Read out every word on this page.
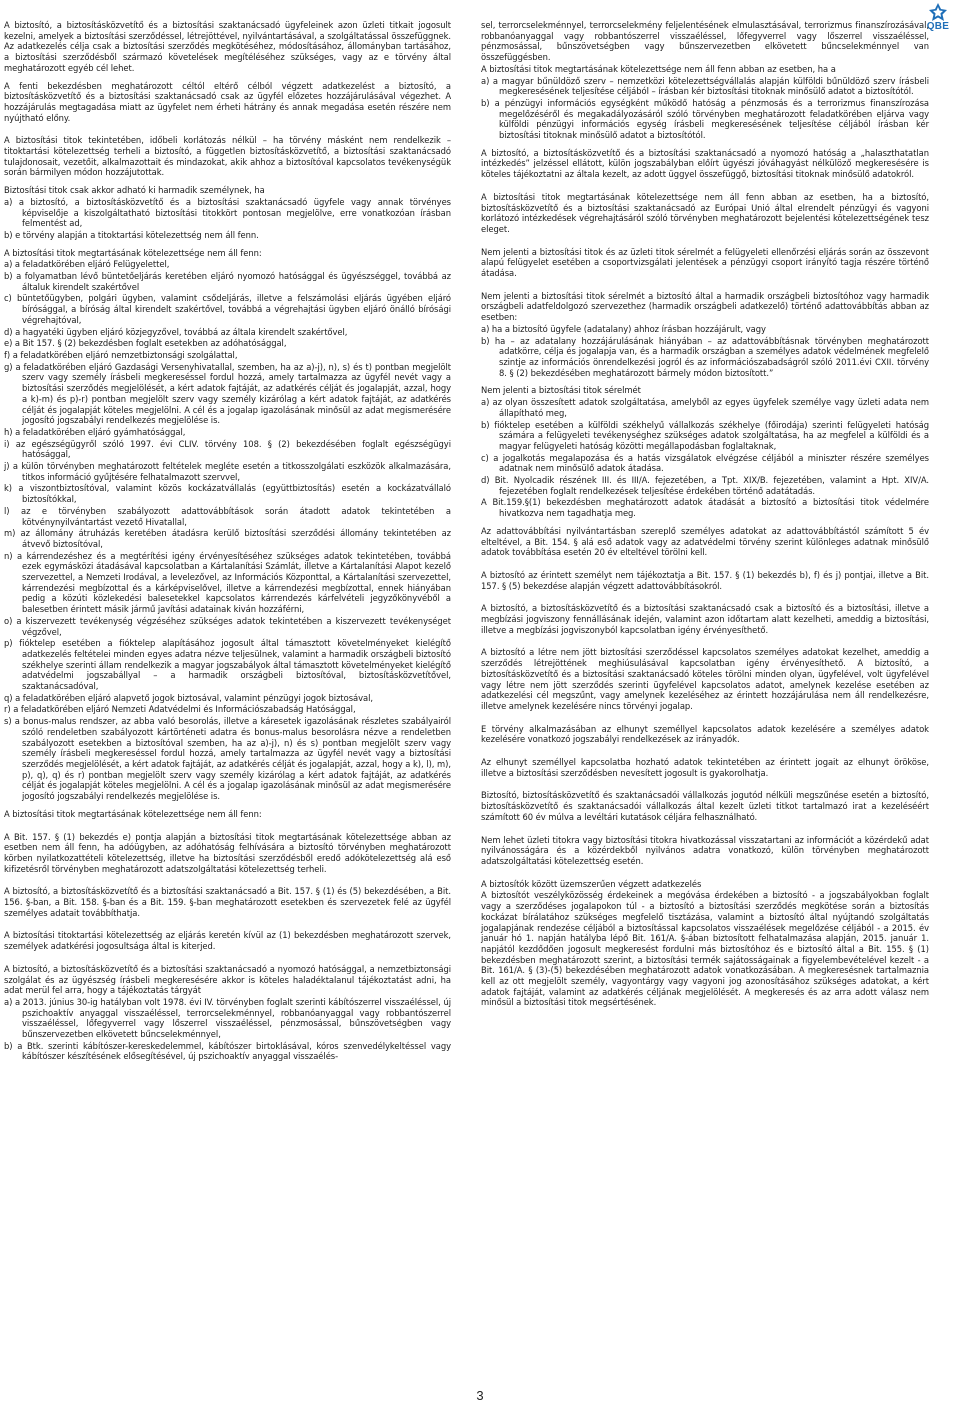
QBE

A biztosító, a biztosításközvetítő és a biztosítási szaktanácsadó ügyfeleinek azon üzleti titkait jogosult kezelni, amelyek a biztosítási szerződéssel, létrejöttével, nyilvántartásával, a szolgáltatással összefüggnek. Az adatkezelés célja csak a biztosítási szerződés megkötéséhez, módosításához, állományban tartásához, a biztosítási szerződésből származó követelések megítéléséhez szükséges, vagy az e törvény által meghatározott egyéb cél lehet.

A fenti bekezdésben meghatározott céltól eltérő célból végzett adatkezelést a biztosító, a biztosításközvetítő és a biztosítási szaktanácsadó csak az ügyfél előzetes hozzájárulásával végezhet. A hozzájárulás megtagadása miatt az ügyfelet nem érheti hátrány és annak megadása esetén részére nem nyújtható előny.

A biztosítási titok tekintetében, időbeli korlátozás nélkül – ha törvény másként nem rendelkezik – titoktartási kötelezettség terheli a biztosító, a független biztosításközvetítő, a biztosítási szaktanácsadó tulajdonosait, vezetőit, alkalmazottait és mindazokat, akik ahhoz a biztosítóval kapcsolatos tevékenységük során bármilyen módon hozzájutottak.

Biztosítási titok csak akkor adható ki harmadik személynek, ha

a) a biztosító, a biztosításközvetítő és a biztosítási szaktanácsadó ügyfele vagy annak törvényes képviselője a kiszolgáltatható biztosítási titokkört pontosan megjelölve, erre vonatkozóan írásban felmentést ad,

b) e törvény alapján a titoktartási kötelezettség nem áll fenn.

A biztosítási titok megtartásának kötelezettsége nem áll fenn:

a) a feladatkörében eljáró Felügyelettel,

b) a folyamatban lévő büntetőeljárás keretében eljáró nyomozó hatósággal és ügyészséggel, továbbá az általuk kirendelt szakértővel

c) büntetőügyben, polgári ügyben, valamint csődeljárás, illetve a felszámolási eljárás ügyében eljáró bírósággal, a bíróság által kirendelt szakértővel, továbbá a végrehajtási ügyben eljáró önálló bírósági végrehajtóval,

d) a hagyatéki ügyben eljáró közjegyzővel, továbbá az általa kirendelt szakértővel,

e) a Bit 157. § (2) bekezdésben foglalt esetekben az adóhatósággal,

f) a feladatkörében eljáró nemzetbiztonsági szolgálattal,

g) a feladatkörében eljáró Gazdasági Versenyhivatallal, szemben, ha az a)-j), n), s) és t) pontban megjelölt szerv vagy személy írásbeli megkereséssel fordul hozzá, amely tartalmazza az ügyfél nevét vagy a biztosítási szerződés megjelölését, a kért adatok fajtáját, az adatkérés célját és jogalapját, azzal, hogy a k)-m) és p)-r) pontban megjelölt szerv vagy személy kizárólag a kért adatok fajtáját, az adatkérés célját és jogalapját köteles megjelölni. A cél és a jogalap igazolásának minősül az adat megismerésére jogosító jogszabályi rendelkezés megjelölése is.

h) a feladatkörében eljáró gyámhatósággal,

i) az egészségügyről szóló 1997. évi CLIV. törvény 108. § (2) bekezdésében foglalt egészségügyi hatósággal,

j) a külön törvényben meghatározott feltételek megléte esetén a titkosszolgálati eszközök alkalmazására, titkos információ gyűjtésére felhatalmazott szervvel,

k) a viszontbiztosítóval, valamint közös kockázatvállalás (együttbiztosítás) esetén a kockázatvállaló biztosítókkal,

l) az e törvényben szabályozott adattovábbítások során átadott adatok tekintetében a kötvénynyilvántartást vezető Hivatallal,

m) az állomány átruházás keretében átadásra kerülő biztosítási szerződési állomány tekintetében az átvevő biztosítóval,

n) a kárrendezéshez és a megtérítési igény érvényesítéséhez szükséges adatok tekintetében, továbbá ezek egymásközi átadásával kapcsolatban a Kártalanítási Számlát, illetve a Kártalanítási Alapot kezelő szervezettel, a Nemzeti Irodával, a levelezővel, az Információs Központtal, a Kártalanítási szervezettel, kárrendezési megbízottal és a kárképviselővel, illetve a kárrendezési megbízottal, ennek hiányában pedig a közúti közlekedési balesetekkel kapcsolatos kárrendezés kárfelvételi jegyzőkönyvéből a balesetben érintett másik jármű javítási adatainak kiván hozzáférni,

o) a kiszervezett tevékenység végzéséhez szükséges adatok tekintetében a kiszervezett tevékenységet végzővel,

p) fióktelep esetében a fióktelep alapításához jogosult által támasztott követelményeket kielégítő adatkezelés feltételei minden egyes adatra nézve teljesülnek, valamint a harmadik országbeli biztosító székhelye szerinti állam rendelkezik a magyar jogszabályok által támasztott követelményeket kielégítő adatvédelmi jogszabállyal – a harmadik országbeli biztosítóval, biztosításközvetítővel, szaktanácsadóval,

q) a feladatkörében eljáró alapvető jogok biztosával, valamint pénzügyi jogok biztosával,

r) a feladatkörében eljáró Nemzeti Adatvédelmi és Információszabadság Hatósággal,

s) a bonus-malus rendszer, az abba való besorolás, illetve a káresetek igazolásának részletes szabályairól szóló rendeletben szabályozott kártörténeti adatra és bonus-malus besorolásra nézve a rendeletben szabályozott esetekben a biztosítóval szemben, ha az a)-j), n) és s) pontban megjelölt szerv vagy személy írásbeli megkereséssel fordul hozzá, amely tartalmazza az ügyfél nevét vagy a biztosítási szerződés megjelölését, a kért adatok fajtáját, az adatkérés célját és jogalapját, azzal, hogy a k), l), m), p), q), q) és r) pontban megjelölt szerv vagy személy kizárólag a kért adatok fajtáját, az adatkérés célját és jogalapját köteles megjelölni. A cél és a jogalap igazolásának minősül az adat megismerésére jogosító jogszabályi rendelkezés megjelölése is.

A biztosítási titok megtartásának kötelezettsége nem áll fenn:

A Bit. 157. § (1) bekezdés e) pontja alapján a biztosítási titok megtartásának kötelezettsége abban az esetben nem áll fenn, ha adóügyben, az adóhatóság felhívására a biztosító törvényben meghatározott körben nyilatkozattételi kötelezettség, illetve ha biztosítási szerződésből eredő adókötelezettség alá eső kifizetésről törvényben meghatározott adatszolgáltatási kötelezettség terheli.

A biztosító, a biztosításközvetítő és a biztosítási szaktanácsadó a Bit. 157. § (1) és (5) bekezdésében, a Bit. 156. §-ban, a Bit. 158. §-ban és a Bit. 159. §-ban meghatározott esetekben és szervezetek felé az ügyfél személyes adatait továbbíthatja.

A biztosítási titoktartási kötelezettség az eljárás keretén kívül az (1) bekezdésben meghatározott szervek, személyek adatkérési jogosultsága által is kiterjed.

A biztosító, a biztosításközvetítő és a biztosítási szaktanácsadó a nyomozó hatósággal, a nemzetbiztonsági szolgálat és az ügyészség írásbeli megkeresésére akkor is köteles haladéktalanul tájékoztatást adni, ha adat merül fel arra, hogy a tájékoztatás tárgyát

a) a 2013. június 30-ig hatályban volt 1978. évi IV. törvényben foglalt szerinti kábítószerrel visszaéléssel, új pszichoaktív anyaggal visszaéléssel, terrorcselekménnyel, robbanóanyaggal vagy robbantószerrel visszaéléssel, lőfegyverrel vagy lőszerrel visszaéléssel, pénzmosással, bűnszövetségben vagy bűnszervezetben elkövetett bűncselekménnyel,

b) a Btk. szerinti kábítószer-kereskedelemmel, kábítószer birtoklásával, kóros szenvedélykeltéssel vagy kábítószer készítésének elősegítésével, új pszichoaktív anyaggal visszaélés-

sel, terrorcselekménnyel, terrorcselekmény feljelentésének elmulasztásával, terrorizmus finanszírozásával, robbanóanyaggal vagy robbantószerrel visszaéléssel, lőfegyverrel vagy lőszerrel visszaéléssel, pénzmosással, bűnszövetségben vagy bűnszervezetben elkövetett bűncselekménnyel van összefüggésben.

A biztosítási titok megtartásának kötelezettsége nem áll fenn abban az esetben, ha a

a) a magyar bűnüldöző szerv – nemzetközi kötelezettségvállalás alapján külföldi bűnüldöző szerv írásbeli megkeresésének teljesítése céljából – írásban kér biztosítási titoknak minősülő adatot a biztosítótól.

b) a pénzügyi információs egységként működő hatóság a pénzmosás és a terrorizmus finanszírozása megelőzéséről és megakadályozásáról szóló törvényben meghatározott feladatkörében eljárva vagy külföldi pénzügyi információs egység írásbeli megkeresésének teljesítése céljából írásban kér biztosítási titoknak minősülő adatot a biztosítótól.

A biztosító, a biztosításközvetítő és a biztosítási szaktanácsadó a nyomozó hatóság a „halaszthatatlan intézkedés” jelzéssel ellátott, külön jogszabályban előírt ügyészi jóváhagyást nélkülöző megkeresésére is köteles tájékoztatni az általa kezelt, az adott üggyel összefüggő, biztosítási titoknak minősülő adatokról.

A biztosítási titok megtartásának kötelezettsége nem áll fenn abban az esetben, ha a biztosító, biztosításközvetítő és a biztosítási szaktanácsadó az Európai Unió által elrendelt pénzügyi és vagyoni korlátozó intézkedések végrehajtásáról szóló törvényben meghatározott bejelentési kötelezettségének tesz eleget.

Nem jelenti a biztosítási titok és az üzleti titok sérelmét a felügyeleti ellenőrzési eljárás során az összevont alapú felügyelet esetében a csoportvizsgálati jelentések a pénzügyi csoport irányító tagja részére történő átadása.

Nem jelenti a biztosítási titok sérelmét a biztosító által a harmadik országbeli biztosítóhoz vagy harmadik országbeli adatfeldolgozó szervezethez (harmadik országbeli adatkezelő) történő adattovábbítás abban az esetben:

a) ha a biztosító ügyfele (adatalany) ahhoz írásban hozzájárult, vagy

b) ha – az adatalany hozzájárulásának hiányában – az adattovábbításnak törvényben meghatározott adatkörre, célja és jogalapja van, és a harmadik országban a személyes adatok védelmének megfelelő szintje az információs önrendelkezési jogról és az információszabadságról szóló 2011.évi CXII. törvény 8. § (2) bekezdésében meghatározott bármely módon biztosított.”

Nem jelenti a biztosítási titok sérelmét

a) az olyan összesített adatok szolgáltatása, amelyből az egyes ügyfelek személye vagy üzleti adata nem állapítható meg,

b) fióktelep esetében a külföldi székhelyű vállalkozás székhelye (főirodája) szerinti felügyeleti hatóság számára a felügyeleti tevékenységhez szükséges adatok szolgáltatása, ha az megfelel a külföldi és a magyar felügyeleti hatóság közötti megállapodásban foglaltaknak,

c) a jogalkotás megalapozása és a hatás vizsgálatok elvégzése céljából a miniszter részére személyes adatnak nem minősülő adatok átadása.

d) Bit. Nyolcadik részének III. és III/A. fejezetében, a Tpt. XIX/B. fejezetében, valamint a Hpt. XIV/A. fejezetében foglalt rendelkezések teljesítése érdekében történő adatátadás.

A Bit.159.§(1) bekezdésben meghatározott adatok átadását a biztosító a biztosítási titok védelmére hivatkozva nem tagadhatja meg.

Az adattovábbítási nyilvántartásban szereplő személyes adatokat az adattovábbítástól számított 5 év elteltével, a Bit. 154. § alá eső adatok vagy az adatvédelmi törvény szerint különleges adatnak minősülő adatok továbbítása esetén 20 év elteltével törölni kell.

A biztosító az érintett személyt nem tájékoztatja a Bit. 157. § (1) bekezdés b), f) és j) pontjai, illetve a Bit. 157. § (5) bekezdése alapján végzett adattovábbításokról.

A biztosító, a biztosításközvetítő és a biztosítási szaktanácsadó csak a biztosító és a biztosítási, illetve a megbízási jogviszony fennállásának idején, valamint azon időtartam alatt kezelheti, ameddig a biztosítási, illetve a megbízási jogviszonyból kapcsolatban igény érvényesíthető.

A biztosító a létre nem jött biztosítási szerződéssel kapcsolatos személyes adatokat kezelhet, ameddig a szerződés létrejöttének meghiúsulásával kapcsolatban igény érvényesíthető. A biztosító, a biztosításközvetítő és a biztosítási szaktanácsadó köteles törölni minden olyan, ügyfelével, volt ügyfelével vagy létre nem jött szerződés szerinti ügyfelével kapcsolatos adatot, amelynek kezelése esetében az adatkezelési cél megszűnt, vagy amelynek kezeléséhez az érintett hozzájárulása nem áll rendelkezésre, illetve amelynek kezelésére nincs törvényi jogalap.

E törvény alkalmazásában az elhunyt személlyel kapcsolatos adatok kezelésére a személyes adatok kezelésére vonatkozó jogszabályi rendelkezések az irányadók.

Az elhunyt személlyel kapcsolatba hozható adatok tekintetében az érintett jogait az elhunyt örököse, illetve a biztosítási szerződésben nevesített jogosult is gyakorolhatja.

Biztosító, biztosításközvetítő és szaktanácsadói vállalkozás jogutód nélküli megszűnése esetén a biztosító, biztosításközvetítő és szaktanácsadói vállalkozás által kezelt üzleti titkot tartalmazó irat a kezeléséért számított 60 év múlva a levéltári kutatások céljára felhasználható.

Nem lehet üzleti titokra vagy biztosítási titokra hivatkozással visszatartani az információt a közérdekű adat nyilvánosságára és a közérdekből nyilvános adatra vonatkozó, külön törvényben meghatározott adatszolgáltatási kötelezettség esetén.

A biztosítók között üzemszerűen végzett adatkezelés

A biztosítót veszélyközösség érdekeinek a megóvása érdekében a biztosító - a jogszabályokban foglalt vagy a szerződéses jogalapokon túl - a biztosító a biztosítási szerződés megkötése során a biztosítás kockázat bírálatához szükséges megfelelő tisztázása, valamint a biztosító által nyújtandó szolgáltatás jogalapjának rendezése céljából a biztosítással kapcsolatos visszaélések megelőzése céljából - a 2015. év január hó 1. napján hatályba lépő Bit. 161/A. §-ában biztosított felhatalmazása alapján, 2015. január 1. napjától kezdődően jogosult megkeresést fordulni más biztosítóhoz és e biztosító által a Bit. 155. § (1) bekezdésben meghatározott szerint, a biztosítási termék sajátosságainak a figyelembevételével kezelt - a Bit. 161/A. § (3)-(5) bekezdésében meghatározott adatok vonatkozásában. A megkeresésnek tartalmaznia kell az ott megjelölt személy, vagyontárgy vagy vagyoni jog azonosításához szükséges adatokat, a kért adatok fajtáját, valamint az adatkérés céljának megjelölését. A megkeresés és az arra adott válasz nem minősül a biztosítási titok megsértésének.

3
